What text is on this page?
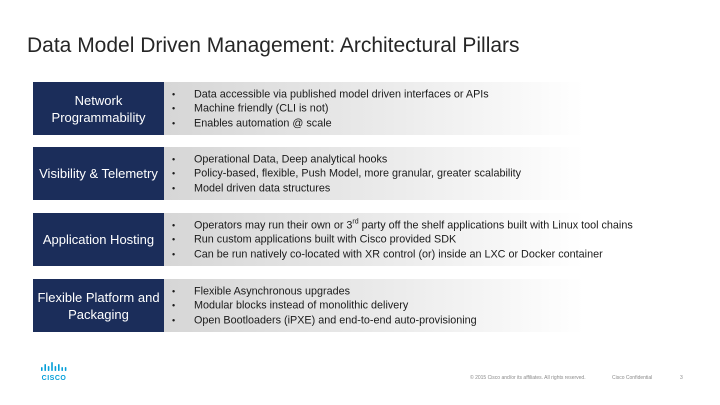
Data Model Driven Management: Architectural Pillars
Network Programmability
• Data accessible via published model driven interfaces or APIs
• Machine friendly (CLI is not)
• Enables automation @ scale
Visibility & Telemetry
• Operational Data, Deep analytical hooks
• Policy-based, flexible, Push Model, more granular, greater scalability
• Model driven data structures
Application Hosting
• Operators may run their own or 3rd party off the shelf applications built with Linux tool chains
• Run custom applications built with Cisco provided SDK
• Can be run natively co-located with XR control (or) inside an LXC or Docker container
Flexible Platform and Packaging
• Flexible Asynchronous upgrades
• Modular blocks instead of monolithic delivery
• Open Bootloaders (iPXE) and end-to-end auto-provisioning
CISCO	© 2015 Cisco and/or its affiliates. All rights reserved.	Cisco Confidential	3
